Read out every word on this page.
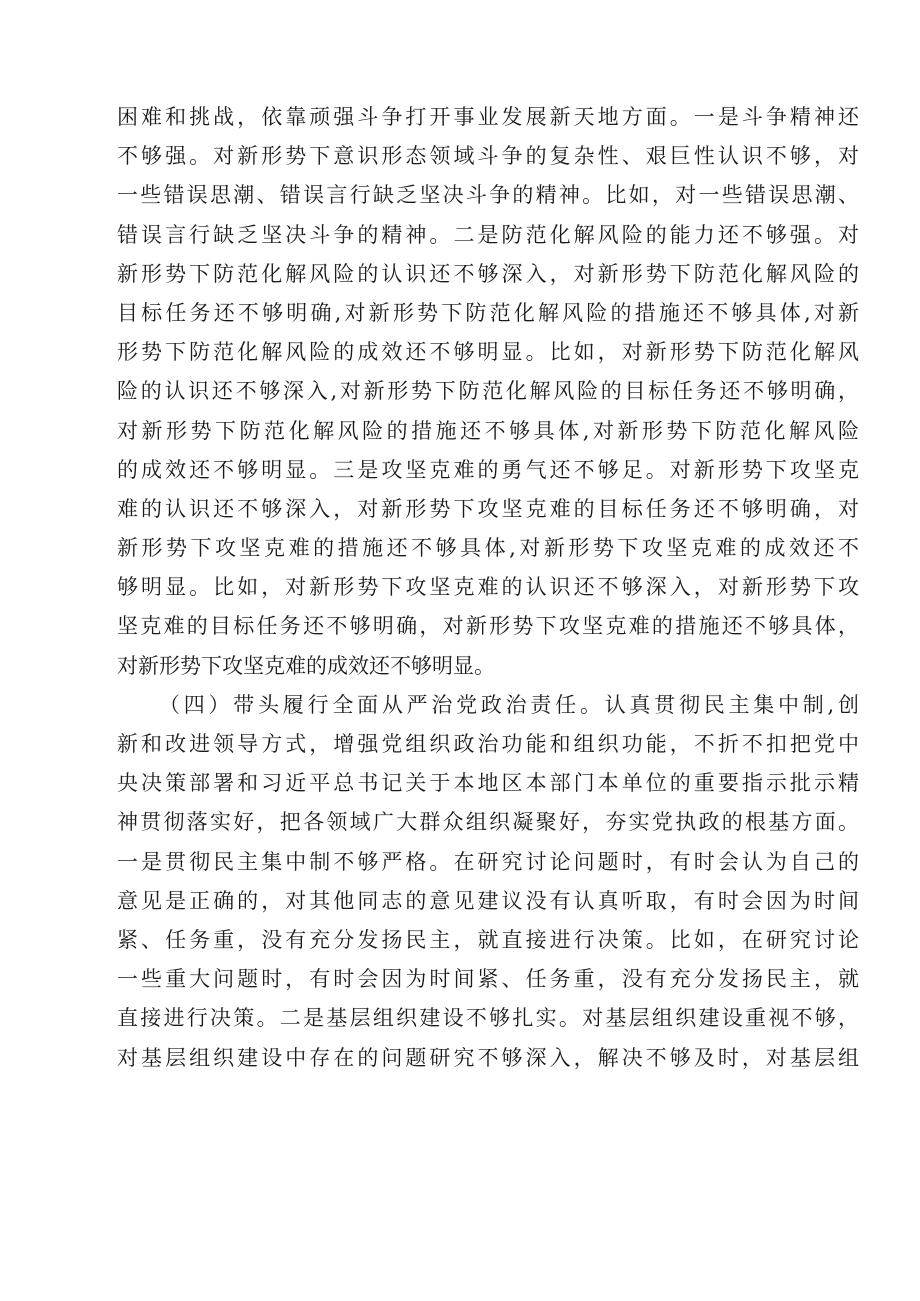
困难和挑战，依靠顽强斗争打开事业发展新天地方面。一是斗争精神还
不够强。对新形势下意识形态领域斗争的复杂性、艰巨性认识不够，对
一些错误思潮、错误言行缺乏坚决斗争的精神。比如，对一些错误思潮、
错误言行缺乏坚决斗争的精神。二是防范化解风险的能力还不够强。对
新形势下防范化解风险的认识还不够深入，对新形势下防范化解风险的
目标任务还不够明确,对新形势下防范化解风险的措施还不够具体,对新
形势下防范化解风险的成效还不够明显。比如，对新形势下防范化解风
险的认识还不够深入,对新形势下防范化解风险的目标任务还不够明确，
对新形势下防范化解风险的措施还不够具体,对新形势下防范化解风险
的成效还不够明显。三是攻坚克难的勇气还不够足。对新形势下攻坚克
难的认识还不够深入，对新形势下攻坚克难的目标任务还不够明确，对
新形势下攻坚克难的措施还不够具体,对新形势下攻坚克难的成效还不
够明显。比如，对新形势下攻坚克难的认识还不够深入，对新形势下攻
坚克难的目标任务还不够明确，对新形势下攻坚克难的措施还不够具体，
对新形势下攻坚克难的成效还不够明显。
（四）带头履行全面从严治党政治责任。认真贯彻民主集中制,创
新和改进领导方式，增强党组织政治功能和组织功能，不折不扣把党中
央决策部署和习近平总书记关于本地区本部门本单位的重要指示批示精
神贯彻落实好，把各领域广大群众组织凝聚好，夯实党执政的根基方面。
一是贯彻民主集中制不够严格。在研究讨论问题时，有时会认为自己的
意见是正确的，对其他同志的意见建议没有认真听取，有时会因为时间
紧、任务重，没有充分发扬民主，就直接进行决策。比如，在研究讨论
一些重大问题时，有时会因为时间紧、任务重，没有充分发扬民主，就
直接进行决策。二是基层组织建设不够扎实。对基层组织建设重视不够，
对基层组织建设中存在的问题研究不够深入，解决不够及时，对基层组
